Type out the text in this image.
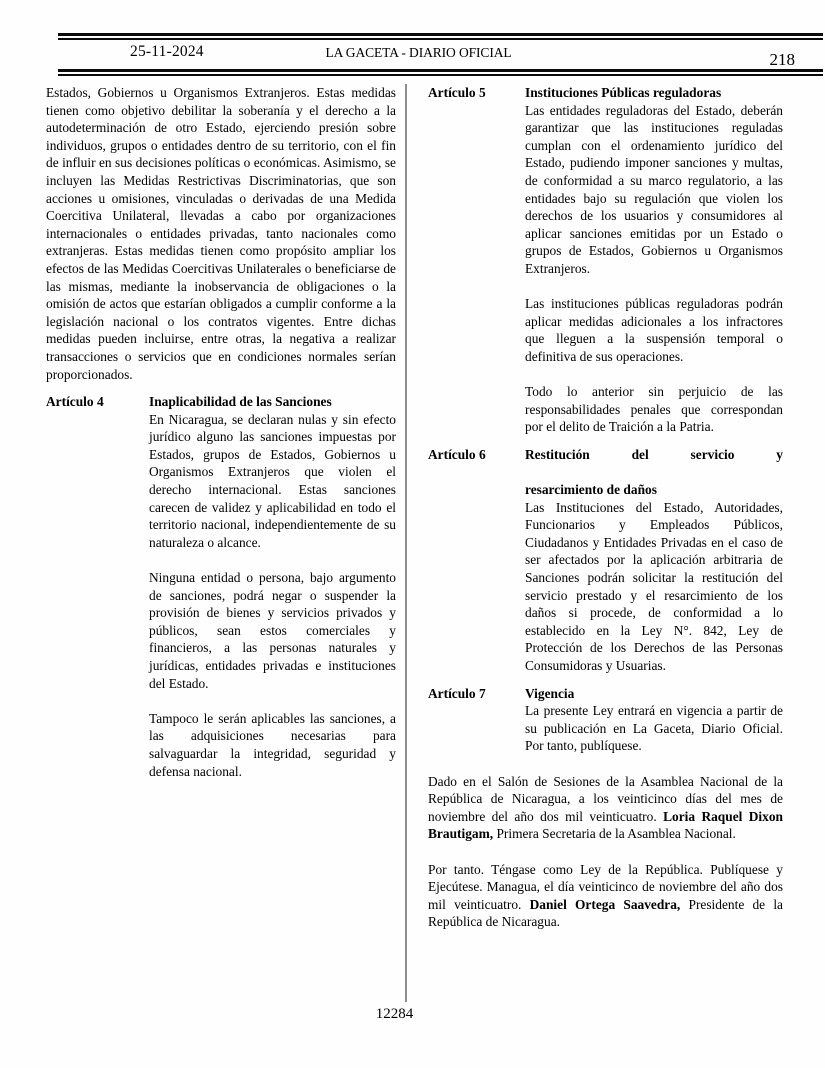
25-11-2024	LA GACETA - DIARIO OFICIAL	218

Estados, Gobiernos u Organismos Extranjeros. Estas medidas tienen como objetivo debilitar la soberanía y el derecho a la autodeterminación de otro Estado, ejerciendo presión sobre individuos, grupos o entidades dentro de su territorio, con el fin de influir en sus decisiones políticas o económicas. Asimismo, se incluyen las Medidas Restrictivas Discriminatorias, que son acciones u omisiones, vinculadas o derivadas de una Medida Coercitiva Unilateral, llevadas a cabo por organizaciones internacionales o entidades privadas, tanto nacionales como extranjeras. Estas medidas tienen como propósito ampliar los efectos de las Medidas Coercitivas Unilaterales o beneficiarse de las mismas, mediante la inobservancia de obligaciones o la omisión de actos que estarían obligados a cumplir conforme a la legislación nacional o los contratos vigentes. Entre dichas medidas pueden incluirse, entre otras, la negativa a realizar transacciones o servicios que en condiciones normales serían proporcionados.

Artículo 4	Inaplicabilidad de las Sanciones

En Nicaragua, se declaran nulas y sin efecto jurídico alguno las sanciones impuestas por Estados, grupos de Estados, Gobiernos u Organismos Extranjeros que violen el derecho internacional. Estas sanciones carecen de validez y aplicabilidad en todo el territorio nacional, independientemente de su naturaleza o alcance.

Ninguna entidad o persona, bajo argumento de sanciones, podrá negar o suspender la provisión de bienes y servicios privados y públicos, sean estos comerciales y financieros, a las personas naturales y jurídicas, entidades privadas e instituciones del Estado.

Tampoco le serán aplicables las sanciones, a las adquisiciones necesarias para salvaguardar la integridad, seguridad y defensa nacional.

Artículo 5	Instituciones Públicas reguladoras

Las entidades reguladoras del Estado, deberán garantizar que las instituciones reguladas cumplan con el ordenamiento jurídico del Estado, pudiendo imponer sanciones y multas, de conformidad a su marco regulatorio, a las entidades bajo su regulación que violen los derechos de los usuarios y consumidores al aplicar sanciones emitidas por un Estado o grupos de Estados, Gobiernos u Organismos Extranjeros.

Las instituciones públicas reguladoras podrán aplicar medidas adicionales a los infractores que lleguen a la suspensión temporal o definitiva de sus operaciones.

Todo lo anterior sin perjuicio de las responsabilidades penales que correspondan por el delito de Traición a la Patria.

Artículo 6	Restitución del servicio y

resarcimiento de daños

Las Instituciones del Estado, Autoridades, Funcionarios y Empleados Públicos, Ciudadanos y Entidades Privadas en el caso de ser afectados por la aplicación arbitraria de Sanciones podrán solicitar la restitución del servicio prestado y el resarcimiento de los daños si procede, de conformidad a lo establecido en la Ley N°. 842, Ley de Protección de los Derechos de las Personas Consumidoras y Usuarias.

Artículo 7	Vigencia

La presente Ley entrará en vigencia a partir de su publicación en La Gaceta, Diario Oficial. Por tanto, publíquese.

Dado en el Salón de Sesiones de la Asamblea Nacional de la República de Nicaragua, a los veinticinco días del mes de noviembre del año dos mil veinticuatro. Loria Raquel Dixon Brautigam, Primera Secretaria de la Asamblea Nacional.

Por tanto. Téngase como Ley de la República. Publíquese y Ejecútese. Managua, el día veinticinco de noviembre del año dos mil veinticuatro. Daniel Ortega Saavedra, Presidente de la República de Nicaragua.

12284
